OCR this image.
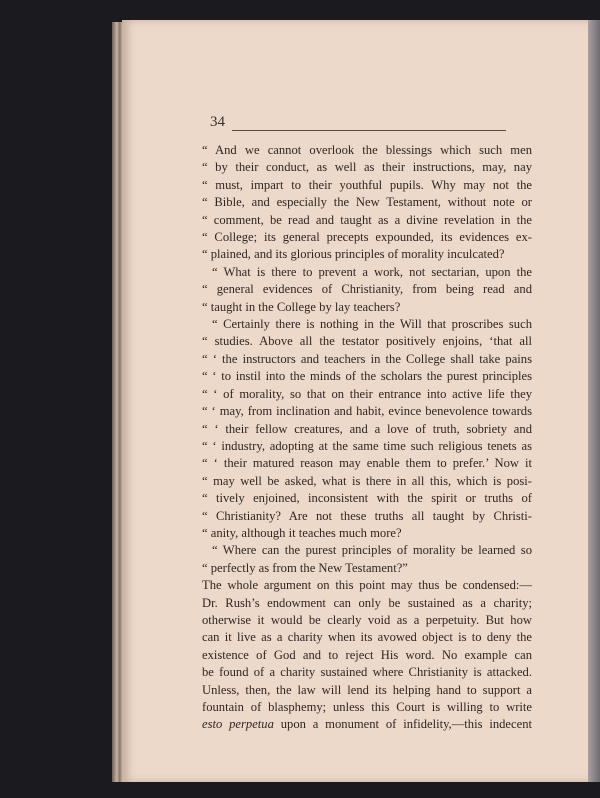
34
“ And we cannot overlook the blessings which such men
“ by their conduct, as well as their instructions, may, nay
“ must, impart to their youthful pupils. Why may not the
“ Bible, and especially the New Testament, without note or
“ comment, be read and taught as a divine revelation in the
“ College; its general precepts expounded, its evidences ex-
“ plained, and its glorious principles of morality inculcated?
“ What is there to prevent a work, not sectarian, upon the
“ general evidences of Christianity, from being read and
“ taught in the College by lay teachers?
“ Certainly there is nothing in the Will that proscribes such
“ studies. Above all the testator positively enjoins, ‘that all
“ ‘ the instructors and teachers in the College shall take pains
“ ‘ to instil into the minds of the scholars the purest principles
“ ‘ of morality, so that on their entrance into active life they
“ ‘ may, from inclination and habit, evince benevolence towards
“ ‘ their fellow creatures, and a love of truth, sobriety and
“ ‘ industry, adopting at the same time such religious tenets as
“ ‘ their matured reason may enable them to prefer.’ Now it
“ may well be asked, what is there in all this, which is posi-
“ tively enjoined, inconsistent with the spirit or truths of
“ Christianity? Are not these truths all taught by Christi-
“ anity, although it teaches much more?
“ Where can the purest principles of morality be learned so
“ perfectly as from the New Testament?”
The whole argument on this point may thus be condensed:—
Dr. Rush’s endowment can only be sustained as a charity;
otherwise it would be clearly void as a perpetuity. But how
can it live as a charity when its avowed object is to deny the
existence of God and to reject His word. No example can
be found of a charity sustained where Christianity is attacked.
Unless, then, the law will lend its helping hand to support a
fountain of blasphemy; unless this Court is willing to write
esto perpetua upon a monument of infidelity,—this indecent
